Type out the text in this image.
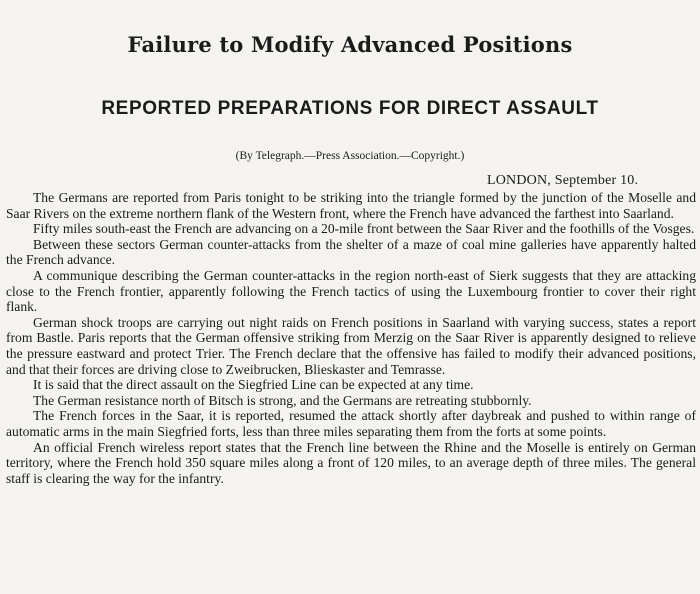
Failure to Modify Advanced Positions
REPORTED PREPARATIONS FOR DIRECT ASSAULT

(By Telegraph.—Press Association.—Copyright.)

LONDON, September 10.

The Germans are reported from Paris tonight to be striking into the triangle formed by the junction of the Moselle and Saar Rivers on the extreme northern flank of the Western front, where the French have advanced the farthest into Saarland.

Fifty miles south-east the French are advancing on a 20-mile front between the Saar River and the foothills of the Vosges.

Between these sectors German counter-attacks from the shelter of a maze of coal mine galleries have apparently halted the French advance.

A communique describing the German counter-attacks in the region north-east of Sierk suggests that they are attacking close to the French frontier, apparently following the French tactics of using the Luxembourg frontier to cover their right flank.

German shock troops are carrying out night raids on French positions in Saarland with varying success, states a report from Bastle. Paris reports that the German offensive striking from Merzig on the Saar River is apparently designed to relieve the pressure eastward and protect Trier. The French declare that the offensive has failed to modify their advanced positions, and that their forces are driving close to Zweibrucken, Blieskaster and Temrasse.

It is said that the direct assault on the Siegfried Line can be expected at any time.

The German resistance north of Bitsch is strong, and the Germans are retreating stubbornly.

The French forces in the Saar, it is reported, resumed the attack shortly after daybreak and pushed to within range of automatic arms in the main Siegfried forts, less than three miles separating them from the forts at some points.

An official French wireless report states that the French line between the Rhine and the Moselle is entirely on German territory, where the French hold 350 square miles along a front of 120 miles, to an average depth of three miles. The general staff is clearing the way for the infantry.
